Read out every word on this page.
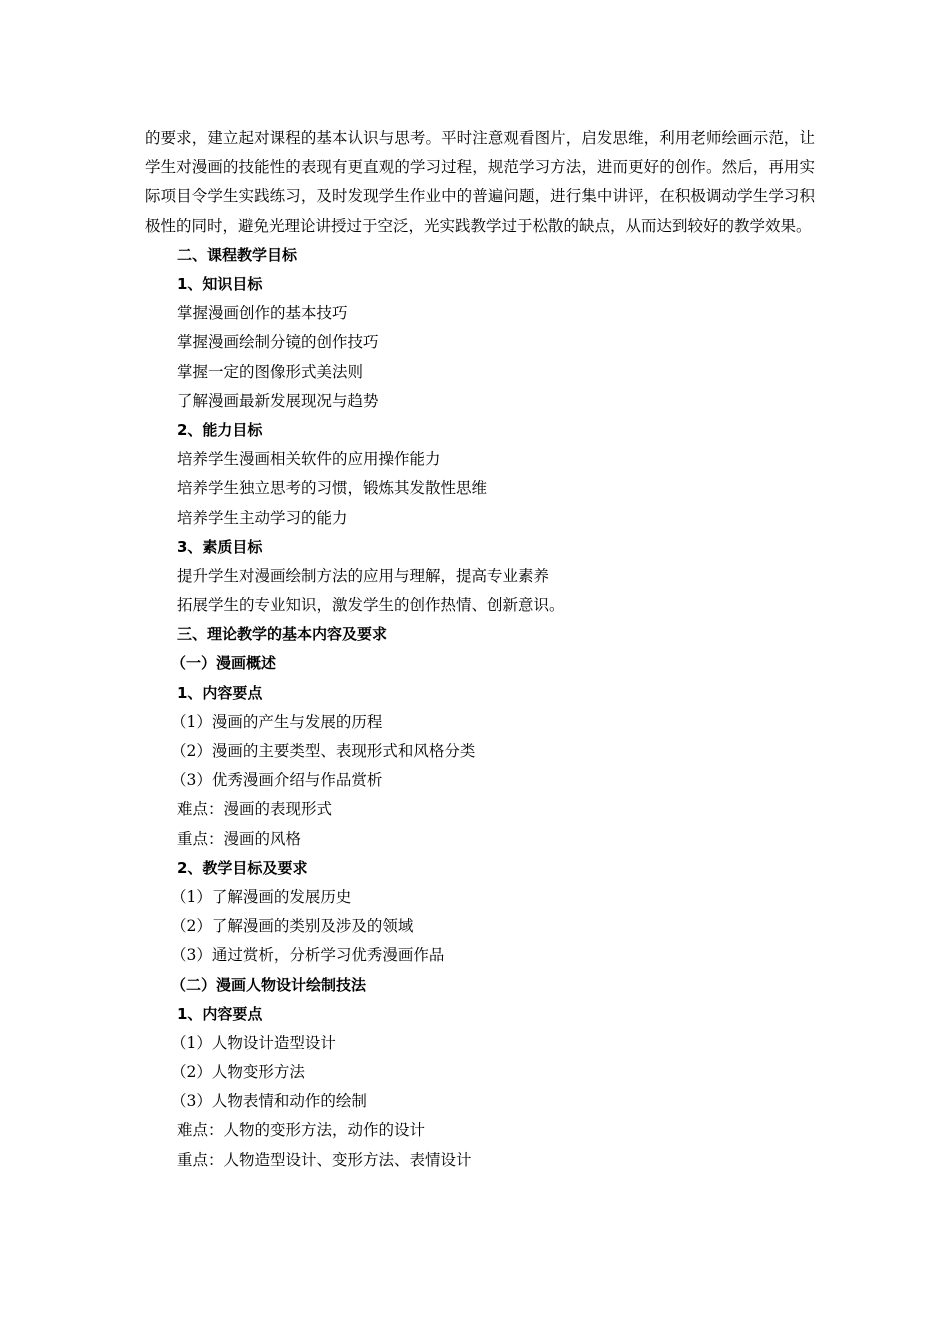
的要求，建立起对课程的基本认识与思考。平时注意观看图片，启发思维，利用老师绘画示范，让学生对漫画的技能性的表现有更直观的学习过程，规范学习方法，进而更好的创作。然后，再用实际项目令学生实践练习，及时发现学生作业中的普遍问题，进行集中讲评，在积极调动学生学习积极性的同时，避免光理论讲授过于空泛，光实践教学过于松散的缺点，从而达到较好的教学效果。

二、课程教学目标
1、知识目标
掌握漫画创作的基本技巧
掌握漫画绘制分镜的创作技巧
掌握一定的图像形式美法则
了解漫画最新发展现况与趋势
2、能力目标
培养学生漫画相关软件的应用操作能力
培养学生独立思考的习惯，锻炼其发散性思维
培养学生主动学习的能力
3、素质目标
提升学生对漫画绘制方法的应用与理解，提高专业素养
拓展学生的专业知识，激发学生的创作热情、创新意识。
三、理论教学的基本内容及要求
（一）漫画概述
1、内容要点
（1）漫画的产生与发展的历程
（2）漫画的主要类型、表现形式和风格分类
（3）优秀漫画介绍与作品赏析
难点：漫画的表现形式
重点：漫画的风格
2、教学目标及要求
（1）了解漫画的发展历史
（2）了解漫画的类别及涉及的领域
（3）通过赏析，分析学习优秀漫画作品
（二）漫画人物设计绘制技法
1、内容要点
（1）人物设计造型设计
（2）人物变形方法
（3）人物表情和动作的绘制
难点：人物的变形方法，动作的设计
重点：人物造型设计、变形方法、表情设计
